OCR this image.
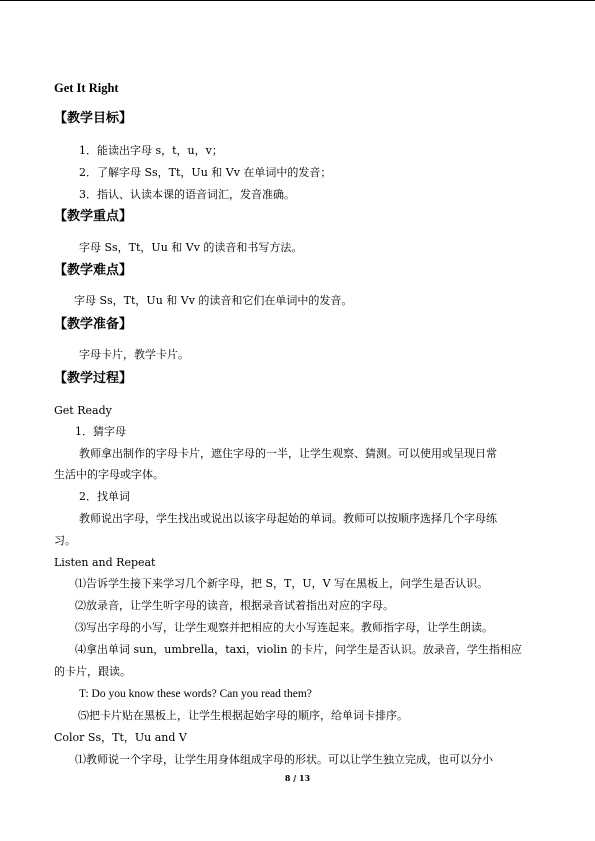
Get It Right
【教学目标】
1．能读出字母 s，t，u，v；
2．了解字母 Ss，Tt，Uu 和 Vv 在单词中的发音；
3．指认、认读本课的语音词汇，发音准确。
【教学重点】
字母 Ss，Tt，Uu 和 Vv 的读音和书写方法。
【教学难点】
字母 Ss，Tt，Uu 和 Vv 的读音和它们在单词中的发音。
【教学准备】
字母卡片，教学卡片。
【教学过程】
Get Ready
1．猜字母
教师拿出制作的字母卡片，遮住字母的一半，让学生观察、猜测。可以使用或呈现日常
生活中的字母或字体。
2．找单词
教师说出字母，学生找出或说出以该字母起始的单词。教师可以按顺序选择几个字母练
习。
Listen and Repeat
⑴告诉学生接下来学习几个新字母，把 S，T，U，V 写在黑板上，问学生是否认识。
⑵放录音，让学生听字母的读音，根据录音试着指出对应的字母。
⑶写出字母的小写，让学生观察并把相应的大小写连起来。教师指字母，让学生朗读。
⑷拿出单词 sun，umbrella，taxi，violin 的卡片，问学生是否认识。放录音，学生指相应
的卡片，跟读。
T: Do you know these words? Can you read them?
⑸把卡片贴在黑板上，让学生根据起始字母的顺序，给单词卡排序。
Color Ss，Tt，Uu and V
⑴教师说一个字母，让学生用身体组成字母的形状。可以让学生独立完成，也可以分小
8 / 13
